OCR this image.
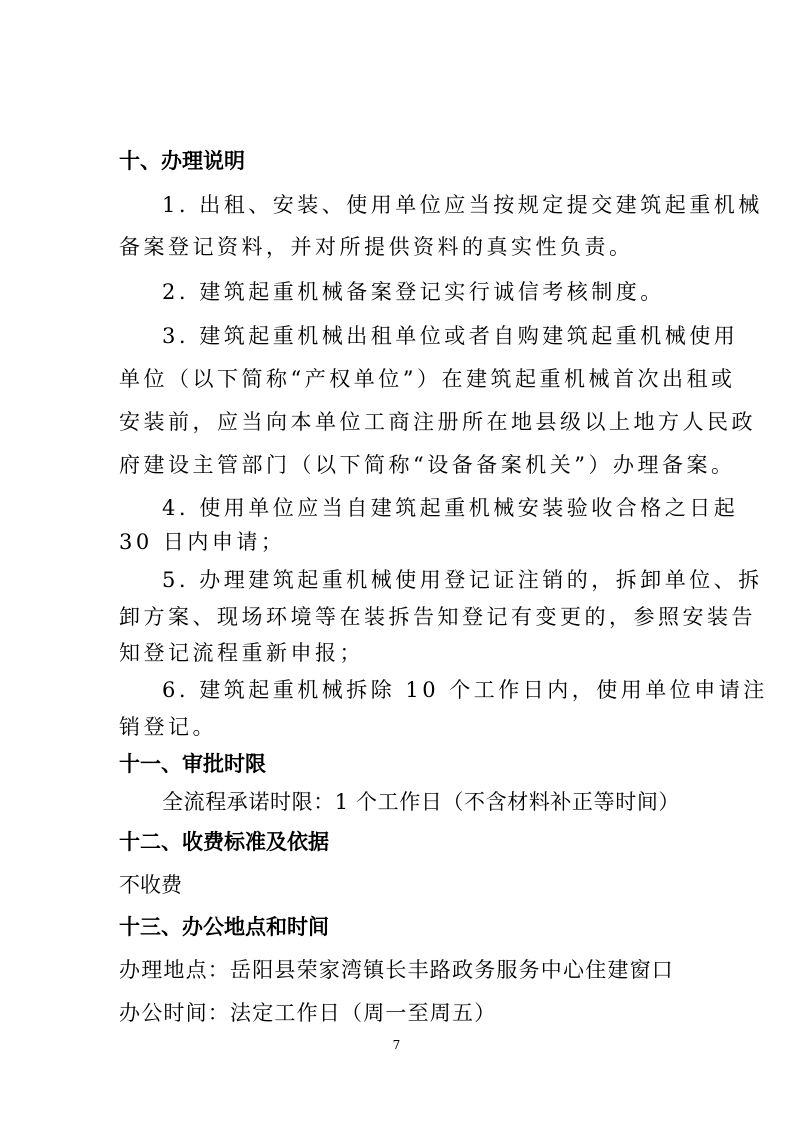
十、办理说明
1. 出租、安装、使用单位应当按规定提交建筑起重机械
备案登记资料，并对所提供资料的真实性负责。
2. 建筑起重机械备案登记实行诚信考核制度。
3. 建筑起重机械出租单位或者自购建筑起重机械使用
单位（以下简称“产权单位”）在建筑起重机械首次出租或
安装前，应当向本单位工商注册所在地县级以上地方人民政
府建设主管部门（以下简称“设备备案机关”）办理备案。
4. 使用单位应当自建筑起重机械安装验收合格之日起
30 日内申请；
5. 办理建筑起重机械使用登记证注销的，拆卸单位、拆
卸方案、现场环境等在装拆告知登记有变更的，参照安装告
知登记流程重新申报；
6. 建筑起重机械拆除 10 个工作日内，使用单位申请注
销登记。
十一、审批时限
全流程承诺时限：1 个工作日（不含材料补正等时间）
十二、收费标准及依据
不收费
十三、办公地点和时间
办理地点：岳阳县荣家湾镇长丰路政务服务中心住建窗口
办公时间：法定工作日（周一至周五）
7
